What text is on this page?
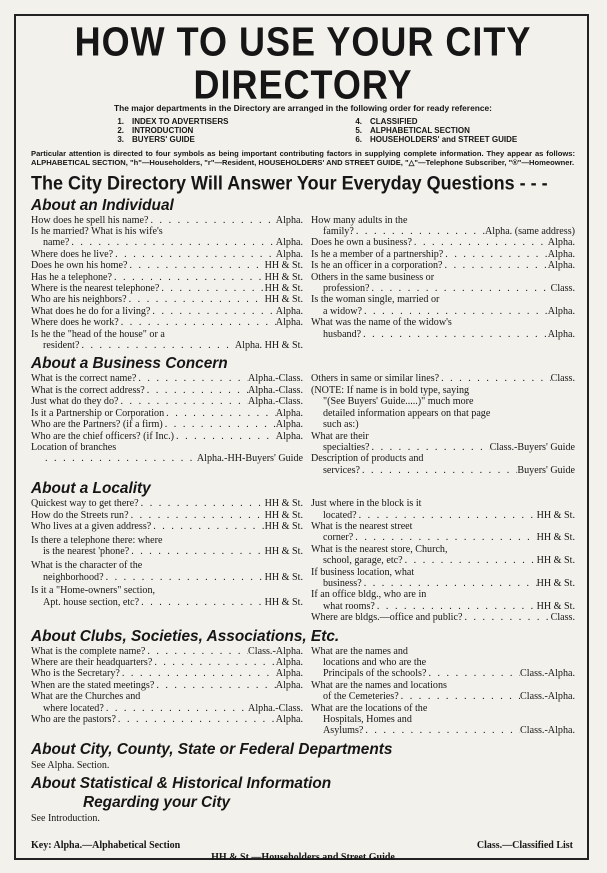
HOW TO USE YOUR CITY DIRECTORY
The major departments in the Directory are arranged in the following order for ready reference:
1. INDEX TO ADVERTISERS
2. INTRODUCTION
3. BUYERS' GUIDE
4. CLASSIFIED
5. ALPHABETICAL SECTION
6. HOUSEHOLDERS' and STREET GUIDE
Particular attention is directed to four symbols as being important contributing factors in supplying complete information. They appear as follows: ALPHABETICAL SECTION, "h"—Householders, "r"—Resident, HOUSEHOLDERS' AND STREET GUIDE, "△"—Telephone Subscriber, "®"—Homeowner.
The City Directory Will Answer Your Everyday Questions - - -
About an Individual
How does he spell his name? . . .	Alpha.
Is he married? What is his wife's
name? . . .	Alpha.
Where does he live? . . .	Alpha.
Does he own his home? . . .	HH & St.
Has he a telephone? . . .	HH & St.
Where is the nearest telephone? . . .	HH & St.
Who are his neighbors? . . .	HH & St.
What does he do for a living? . . .	Alpha.
Where does he work? . . .	Alpha.
Is he the "head of the house" or a
resident? . . .	Alpha. HH & St.
How many adults in the
family? . . .	Alpha. (same address)
Does he own a business? . . .	Alpha.
Is he a member of a partnership? . . .	Alpha.
Is he an officer in a corporation? . . .	Alpha.
Others in the same business or
profession? . . .	Class.
Is the woman single, married or
a widow? . . .	Alpha.
What was the name of the widow's
husband? . . .	Alpha.
About a Business Concern
What is the correct name? . . .	Alpha.-Class.
What is the correct address? . . .	Alpha.-Class.
Just what do they do? . . .	Alpha.-Class.
Is it a Partnership or Corporation . . .	Alpha.
Who are the Partners? (if a firm) . . .	Alpha.
Who are the chief officers? (if Inc.) . . .	Alpha.
Location of branches
. . .
Alpha.-HH-Buyers' Guide
Others in same or similar lines? . . .	Class.
(NOTE: If name is in bold type, saying
"(See Buyers' Guide.....)" much more
detailed information appears on that page
such as:)
What are their
specialties? . . .	Class.-Buyers' Guide
Description of products and
services? . . .	Buyers' Guide
About a Locality
Quickest way to get there? . . .	HH & St.
How do the Streets run? . . .	HH & St.
Who lives at a given address? . . .	HH & St.
Is there a telephone there: where
is the nearest 'phone? . . .	HH & St.
What is the character of the
neighborhood? . . .	HH & St.
Is it a "Home-owners" section,
Apt. house section, etc? . . .	HH & St.
Just where in the block is it
located? . . .	HH & St.
What is the nearest street
corner? . . .	HH & St.
What is the nearest store, Church,
school, garage, etc? . . .	HH & St.
If business location, what
business? . . .	HH & St.
If an office bldg., who are in
what rooms? . . .	HH & St.
Where are bldgs.—office and public? . . .	Class.
About Clubs, Societies, Associations, Etc.
What is the complete name? . . .	Class.-Alpha.
Where are their headquarters? . . .	Alpha.
Who is the Secretary? . . .	Alpha.
When are the stated meetings? . . .	Alpha.
What are the Churches and
where located? . . .	Alpha.-Class.
Who are the pastors? . . .	Alpha.
What are the names and
locations and who are the
Principals of the schools? . . .	Class.-Alpha.
What are the names and locations
of the Cemeteries? . . .	Class.-Alpha.
What are the locations of the
Hospitals, Homes and
Asylums? . . .	Class.-Alpha.
About City, County, State or Federal Departments
See Alpha. Section.
About Statistical & Historical Information
Regarding your City
See Introduction.
Key: Alpha.—Alphabetical Section	Class.—Classified List
HH & St.—Householders and Street Guide
